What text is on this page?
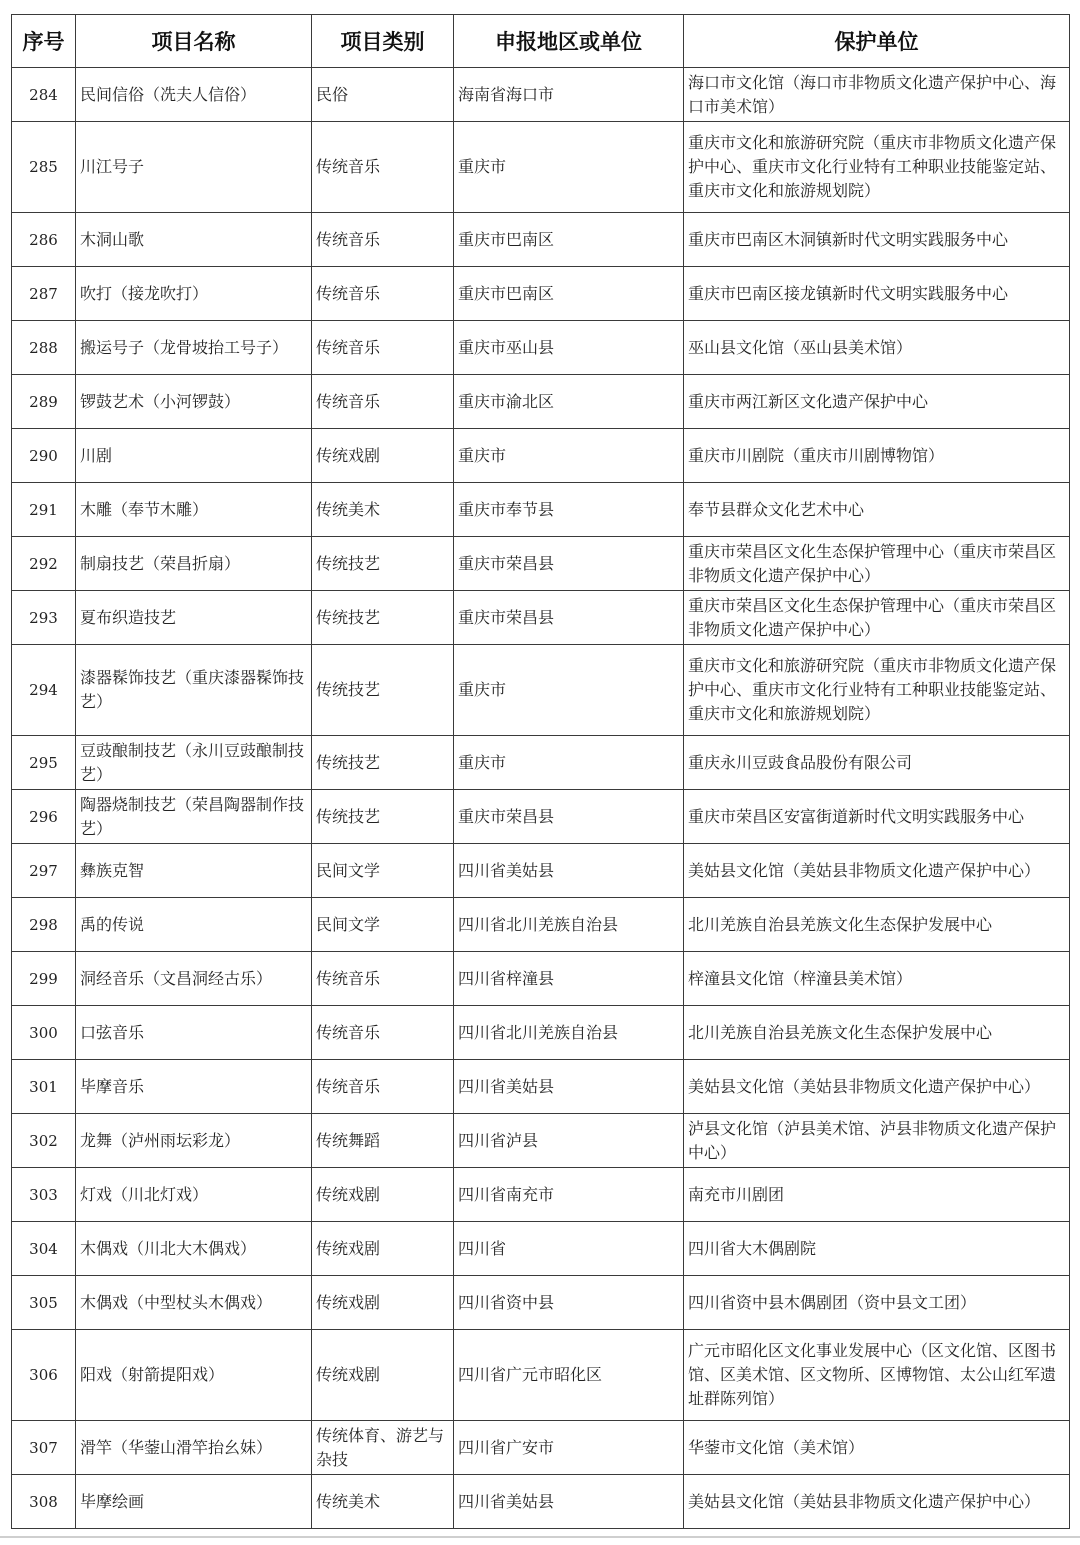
序号	项目名称	项目类别	申报地区或单位	保护单位
284	民间信俗（冼夫人信俗）	民俗	海南省海口市	海口市文化馆（海口市非物质文化遗产保护中心、海口市美术馆）
285	川江号子	传统音乐	重庆市	重庆市文化和旅游研究院（重庆市非物质文化遗产保护中心、重庆市文化行业特有工种职业技能鉴定站、重庆市文化和旅游规划院）
286	木洞山歌	传统音乐	重庆市巴南区	重庆市巴南区木洞镇新时代文明实践服务中心
287	吹打（接龙吹打）	传统音乐	重庆市巴南区	重庆市巴南区接龙镇新时代文明实践服务中心
288	搬运号子（龙骨坡抬工号子）	传统音乐	重庆市巫山县	巫山县文化馆（巫山县美术馆）
289	锣鼓艺术（小河锣鼓）	传统音乐	重庆市渝北区	重庆市两江新区文化遗产保护中心
290	川剧	传统戏剧	重庆市	重庆市川剧院（重庆市川剧博物馆）
291	木雕（奉节木雕）	传统美术	重庆市奉节县	奉节县群众文化艺术中心
292	制扇技艺（荣昌折扇）	传统技艺	重庆市荣昌县	重庆市荣昌区文化生态保护管理中心（重庆市荣昌区非物质文化遗产保护中心）
293	夏布织造技艺	传统技艺	重庆市荣昌县	重庆市荣昌区文化生态保护管理中心（重庆市荣昌区非物质文化遗产保护中心）
294	漆器髹饰技艺（重庆漆器髹饰技艺）	传统技艺	重庆市	重庆市文化和旅游研究院（重庆市非物质文化遗产保护中心、重庆市文化行业特有工种职业技能鉴定站、重庆市文化和旅游规划院）
295	豆豉酿制技艺（永川豆豉酿制技艺）	传统技艺	重庆市	重庆永川豆豉食品股份有限公司
296	陶器烧制技艺（荣昌陶器制作技艺）	传统技艺	重庆市荣昌县	重庆市荣昌区安富街道新时代文明实践服务中心
297	彝族克智	民间文学	四川省美姑县	美姑县文化馆（美姑县非物质文化遗产保护中心）
298	禹的传说	民间文学	四川省北川羌族自治县	北川羌族自治县羌族文化生态保护发展中心
299	洞经音乐（文昌洞经古乐）	传统音乐	四川省梓潼县	梓潼县文化馆（梓潼县美术馆）
300	口弦音乐	传统音乐	四川省北川羌族自治县	北川羌族自治县羌族文化生态保护发展中心
301	毕摩音乐	传统音乐	四川省美姑县	美姑县文化馆（美姑县非物质文化遗产保护中心）
302	龙舞（泸州雨坛彩龙）	传统舞蹈	四川省泸县	泸县文化馆（泸县美术馆、泸县非物质文化遗产保护中心）
303	灯戏（川北灯戏）	传统戏剧	四川省南充市	南充市川剧团
304	木偶戏（川北大木偶戏）	传统戏剧	四川省	四川省大木偶剧院
305	木偶戏（中型杖头木偶戏）	传统戏剧	四川省资中县	四川省资中县木偶剧团（资中县文工团）
306	阳戏（射箭提阳戏）	传统戏剧	四川省广元市昭化区	广元市昭化区文化事业发展中心（区文化馆、区图书馆、区美术馆、区文物所、区博物馆、太公山红军遗址群陈列馆）
307	滑竿（华蓥山滑竿抬幺妹）	传统体育、游艺与杂技	四川省广安市	华蓥市文化馆（美术馆）
308	毕摩绘画	传统美术	四川省美姑县	美姑县文化馆（美姑县非物质文化遗产保护中心）
